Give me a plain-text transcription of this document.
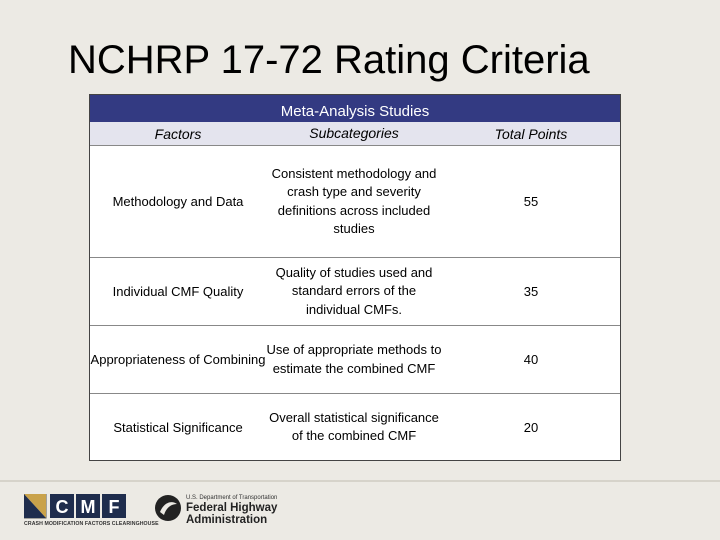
NCHRP 17-72 Rating Criteria
Meta-Analysis Studies
Factors	Subcategories	Total Points
Methodology and Data
Consistent methodology and crash type and severity definitions across included studies
55
Individual CMF Quality
Quality of studies used and standard errors of the individual CMFs.
35
Appropriateness of Combining
Use of appropriate methods to estimate the combined CMF
40
Statistical Significance
Overall statistical significance of the combined CMF
20
C M F
CRASH MODIFICATION FACTORS CLEARINGHOUSE
U.S. Department of Transportation
Federal Highway
Administration
